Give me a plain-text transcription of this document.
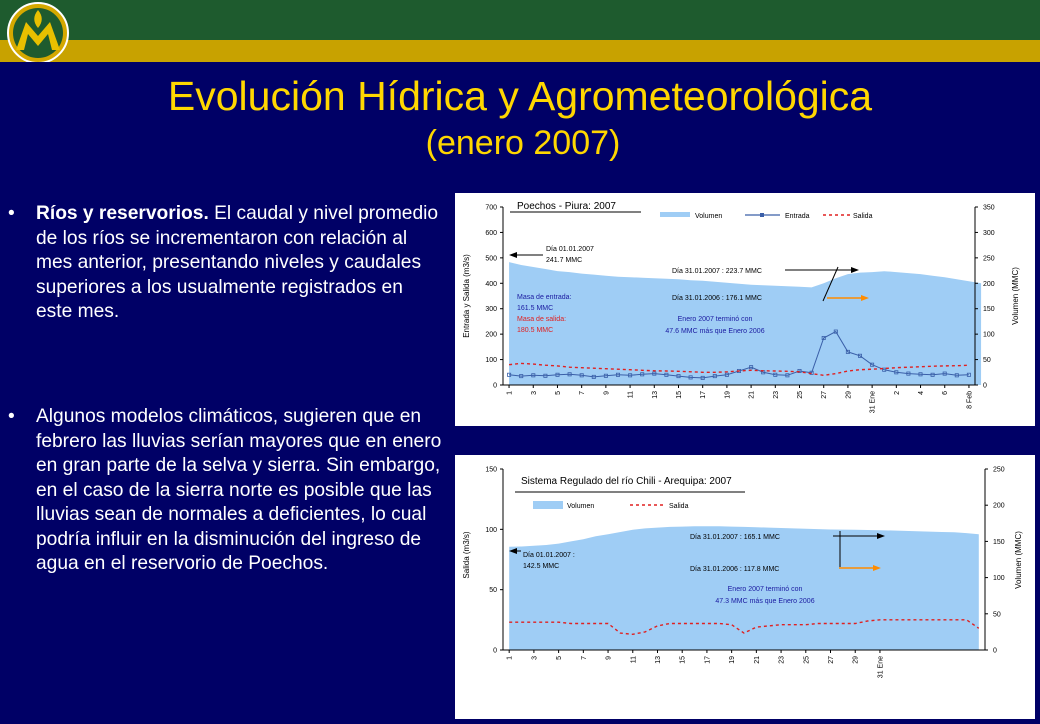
Evolución Hídrica y Agrometeorológica
(enero 2007)
•	Ríos y reservorios. El caudal y nivel promedio de los ríos se incrementaron con relación al mes anterior, presentando niveles y caudales superiores a los usualmente registrados en este mes.
•	Algunos modelos climáticos, sugieren que en febrero las lluvias serían mayores que en enero en gran parte de la selva y sierra. Sin embargo, en el caso de la sierra norte es posible que las lluvias sean de normales a deficientes, lo cual podría influir en la disminución del ingreso de agua en el reservorio de Poechos.
0
100
200
300
400
500
600
700
0
50
100
150
200
250
300
350
1 3 5 7 9 11 13 15 17 19 21 23 25 27 29 31 Ene 2 4 6 8 Feb
Entrada y Salida (m3/s)	Volumen (MMC)
Poechos - Piura: 2007
Volumen	Entrada	Salida
Día 01.01.2007
241.7 MMC
Día 31.01.2007 : 223.7 MMC
Día 31.01.2006 : 176.1 MMC
Masa de entrada:
161.5 MMC
Masa de salida:
180.5 MMC
Enero 2007 terminó con
47.6 MMC más que Enero 2006
0
50
100
150
0
50
100
150
200
250
1	3	5	7	9	11	13	15	17	19	21	23	25	27	29	31 Ene
Salida (m3/s)	Volumen (MMC)
Sistema Regulado del río Chili - Arequipa: 2007
Volumen	Salida
Día 01.01.2007 :
142.5 MMC
Día 31.01.2007 : 165.1 MMC
Día 31.01.2006 : 117.8 MMC
Enero 2007 terminó con
47.3 MMC más que Enero 2006
